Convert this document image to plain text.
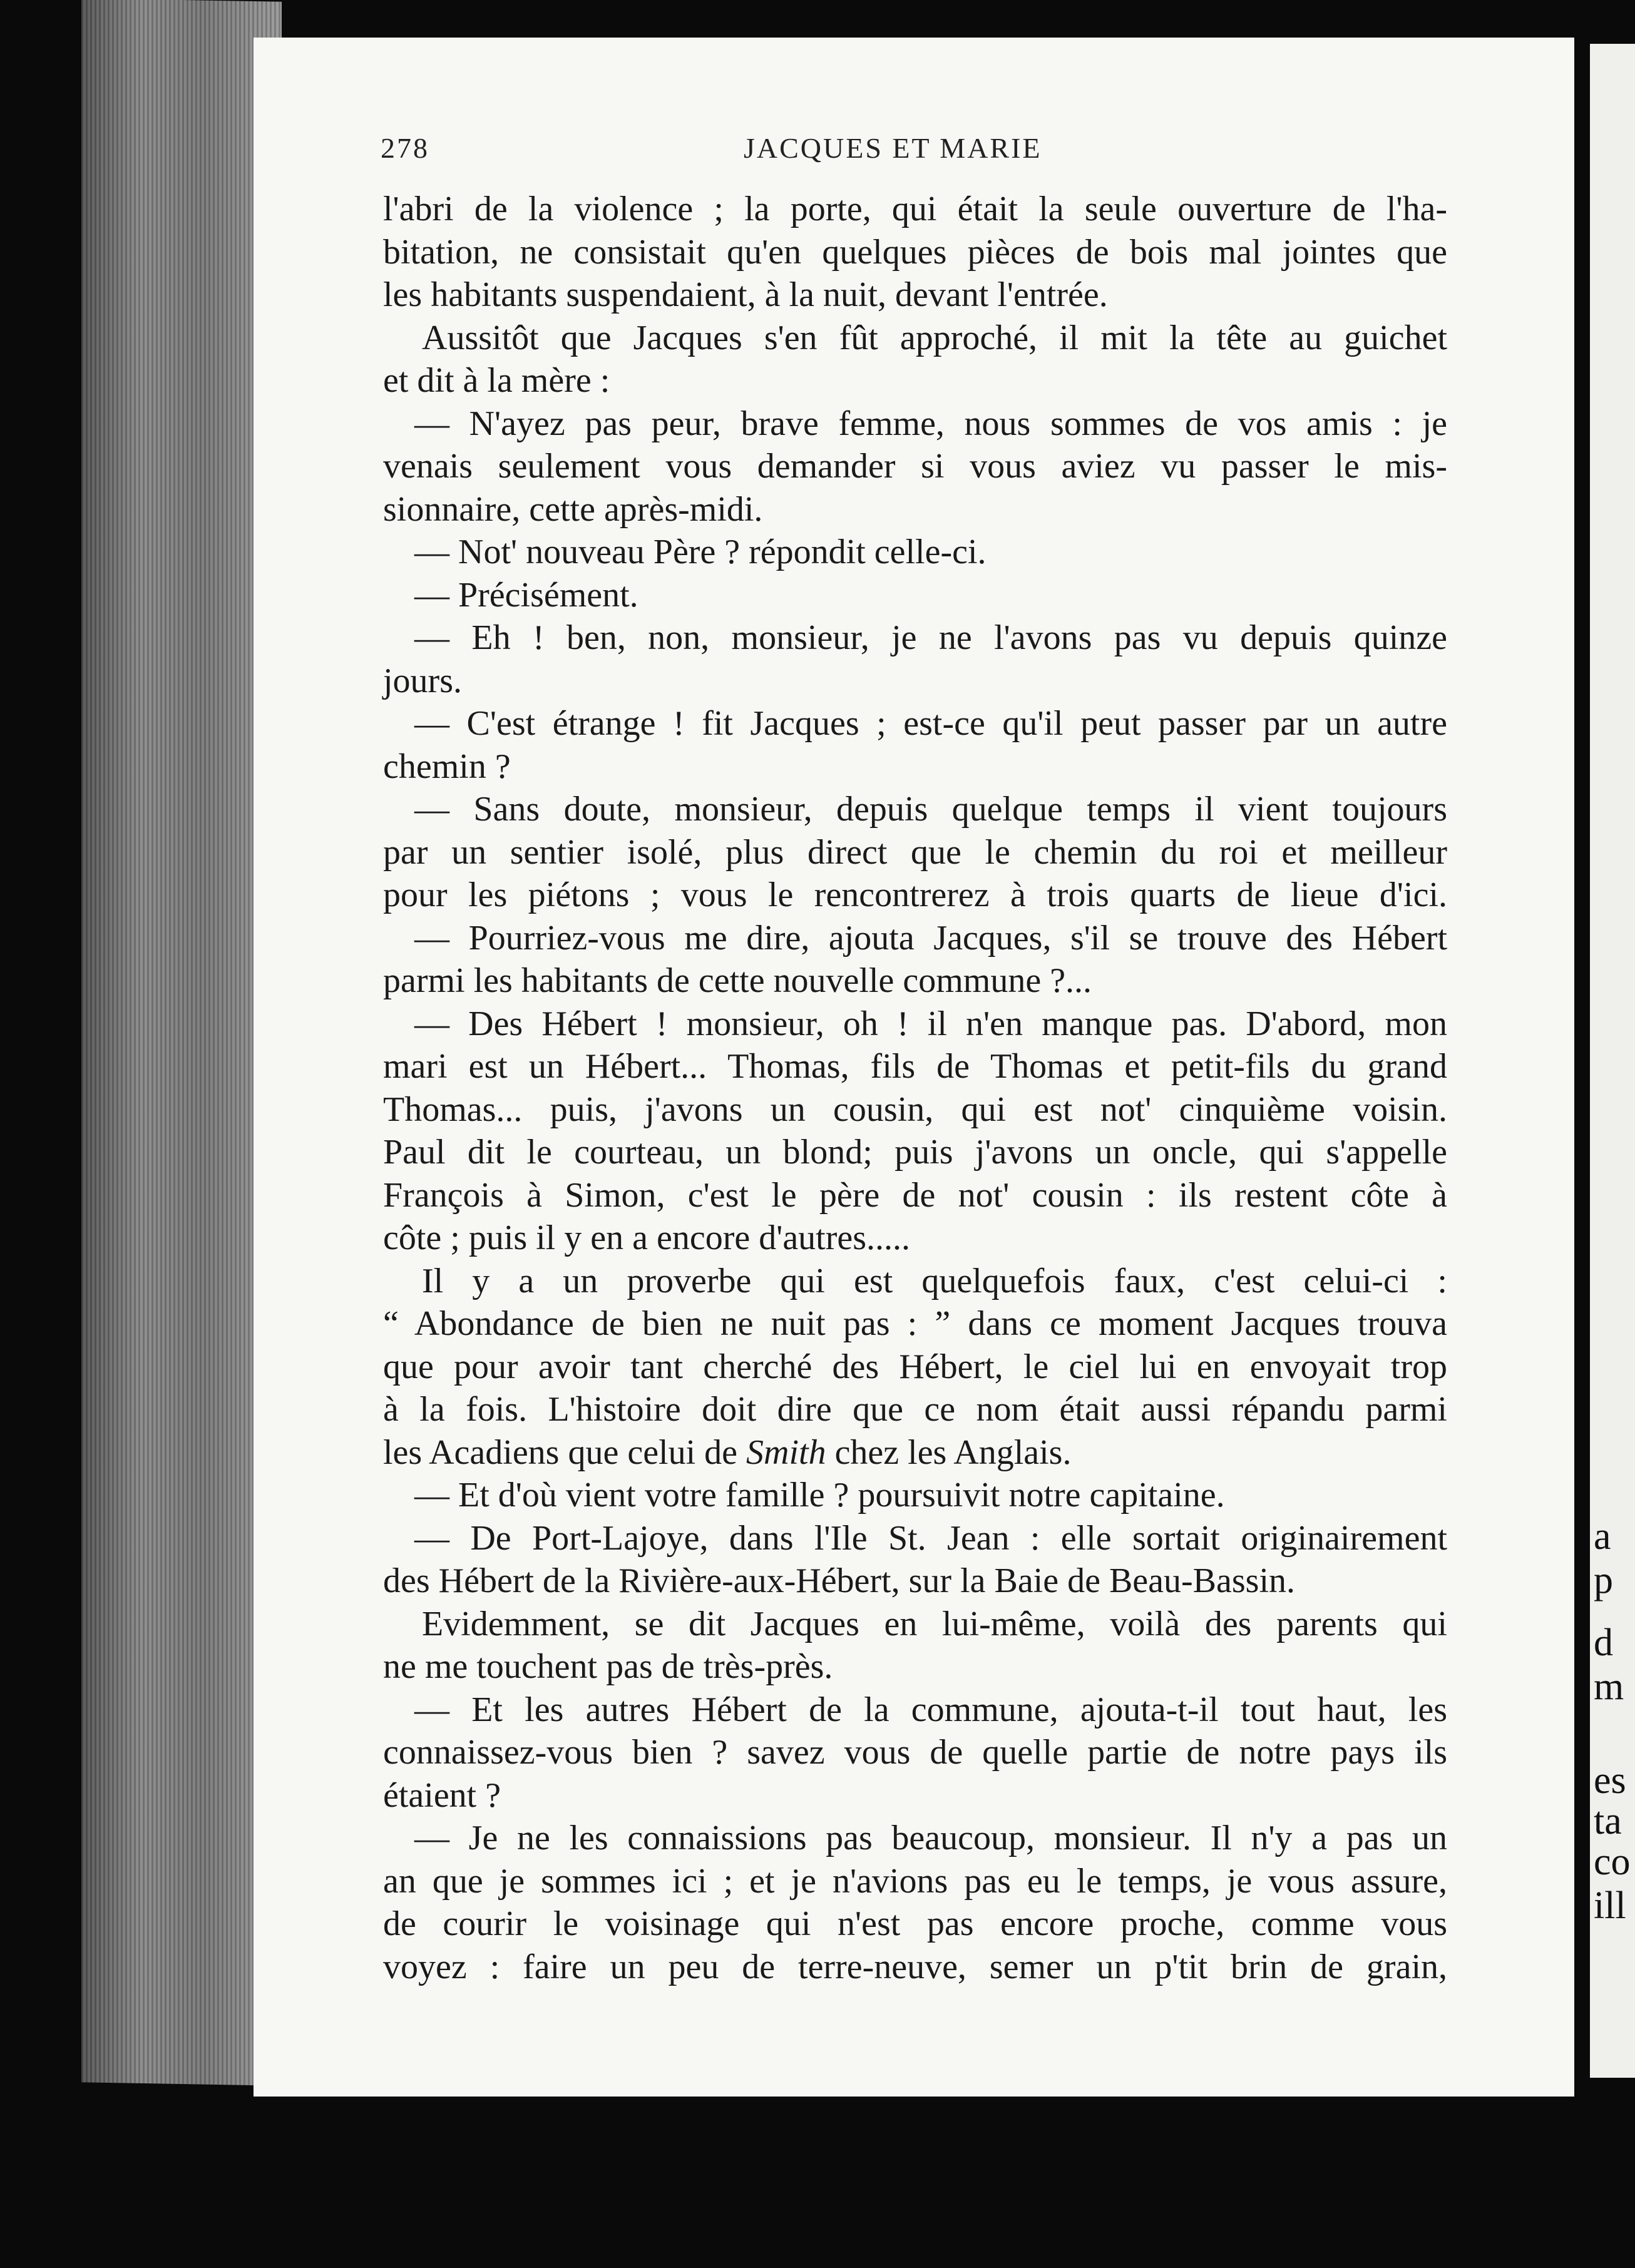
a
p
d
m
es
ta
co
ill
278	JACQUES ET MARIE
l'abri de la violence ; la porte, qui était la seule ouverture de l'ha-
bitation, ne consistait qu'en quelques pièces de bois mal jointes que
les habitants suspendaient, à la nuit, devant l'entrée.
Aussitôt que Jacques s'en fût approché, il mit la tête au guichet
et dit à la mère :
— N'ayez pas peur, brave femme, nous sommes de vos amis : je
venais seulement vous demander si vous aviez vu passer le mis-
sionnaire, cette après-midi.
— Not' nouveau Père ? répondit celle-ci.
— Précisément.
— Eh ! ben, non, monsieur, je ne l'avons pas vu depuis quinze
jours.
— C'est étrange ! fit Jacques ; est-ce qu'il peut passer par un autre
chemin ?
— Sans doute, monsieur, depuis quelque temps il vient toujours
par un sentier isolé, plus direct que le chemin du roi et meilleur
pour les piétons ; vous le rencontrerez à trois quarts de lieue d'ici.
— Pourriez-vous me dire, ajouta Jacques, s'il se trouve des Hébert
parmi les habitants de cette nouvelle commune ?...
— Des Hébert ! monsieur, oh ! il n'en manque pas. D'abord, mon
mari est un Hébert... Thomas, fils de Thomas et petit-fils du grand
Thomas... puis, j'avons un cousin, qui est not' cinquième voisin.
Paul dit le courteau, un blond; puis j'avons un oncle, qui s'appelle
François à Simon, c'est le père de not' cousin : ils restent côte à
côte ; puis il y en a encore d'autres.....
Il y a un proverbe qui est quelquefois faux, c'est celui-ci :
“ Abondance de bien ne nuit pas : ” dans ce moment Jacques trouva
que pour avoir tant cherché des Hébert, le ciel lui en envoyait trop
à la fois. L'histoire doit dire que ce nom était aussi répandu parmi
les Acadiens que celui de Smith chez les Anglais.
— Et d'où vient votre famille ? poursuivit notre capitaine.
— De Port-Lajoye, dans l'Ile St. Jean : elle sortait originairement
des Hébert de la Rivière-aux-Hébert, sur la Baie de Beau-Bassin.
Evidemment, se dit Jacques en lui-même, voilà des parents qui
ne me touchent pas de très-près.
— Et les autres Hébert de la commune, ajouta-t-il tout haut, les
connaissez-vous bien ? savez vous de quelle partie de notre pays ils
étaient ?
— Je ne les connaissions pas beaucoup, monsieur. Il n'y a pas un
an que je sommes ici ; et je n'avions pas eu le temps, je vous assure,
de courir le voisinage qui n'est pas encore proche, comme vous
voyez : faire un peu de terre-neuve, semer un p'tit brin de grain,
